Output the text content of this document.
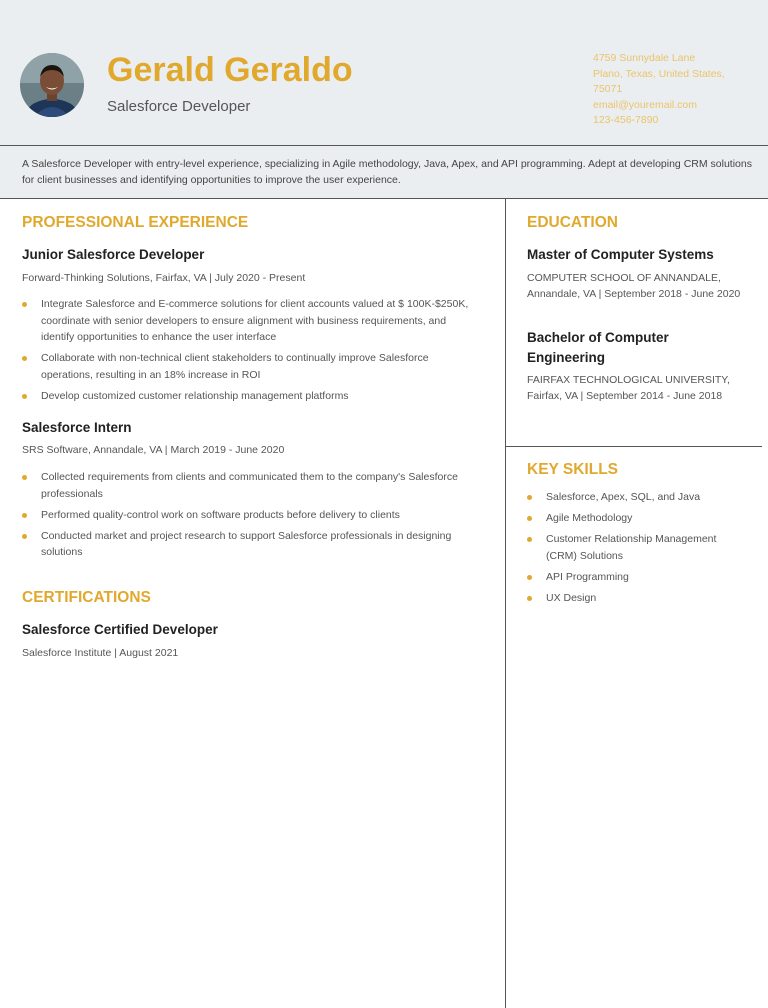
Gerald Geraldo
Salesforce Developer
4759 Sunnydale Lane
Plano, Texas, United States,
75071
email@youremail.com
123-456-7890
A Salesforce Developer with entry-level experience, specializing in Agile methodology, Java, Apex, and API programming. Adept at developing CRM solutions for client businesses and identifying opportunities to improve the user experience.
PROFESSIONAL EXPERIENCE
Junior Salesforce Developer
Forward-Thinking Solutions, Fairfax, VA | July 2020 - Present
Integrate Salesforce and E-commerce solutions for client accounts valued at $ 100K-$250K, coordinate with senior developers to ensure alignment with business requirements, and identify opportunities to enhance the user interface
Collaborate with non-technical client stakeholders to continually improve Salesforce operations, resulting in an 18% increase in ROI
Develop customized customer relationship management platforms
Salesforce Intern
SRS Software, Annandale, VA | March 2019 - June 2020
Collected requirements from clients and communicated them to the company's Salesforce professionals
Performed quality-control work on software products before delivery to clients
Conducted market and project research to support Salesforce professionals in designing solutions
CERTIFICATIONS
Salesforce Certified Developer
Salesforce Institute | August 2021
EDUCATION
Master of Computer Systems
COMPUTER SCHOOL OF ANNANDALE,
Annandale, VA | September 2018 - June 2020
Bachelor of Computer Engineering
FAIRFAX TECHNOLOGICAL UNIVERSITY,
Fairfax, VA | September 2014 - June 2018
KEY SKILLS
Salesforce, Apex, SQL, and Java
Agile Methodology
Customer Relationship Management (CRM) Solutions
API Programming
UX Design
